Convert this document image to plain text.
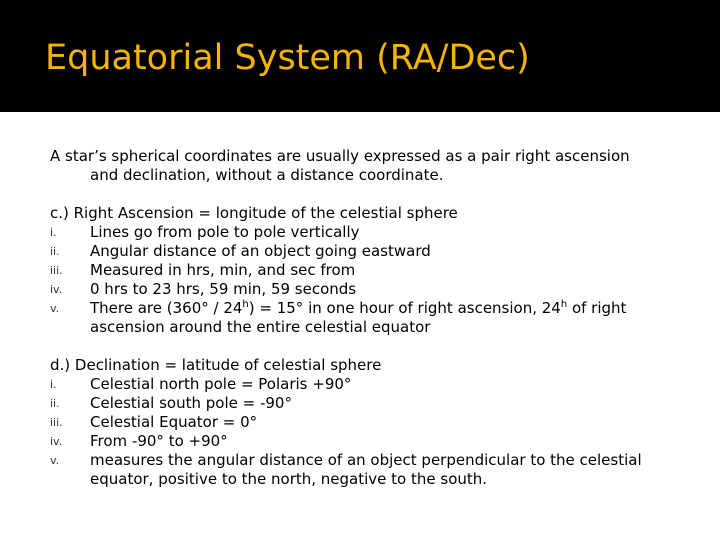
Equatorial System (RA/Dec)

A star’s spherical coordinates are usually expressed as a pair right ascension
and declination, without a distance coordinate.

c.) Right Ascension = longitude of the celestial sphere

i. Lines go from pole to pole vertically
ii. Angular distance of an object going eastward
iii. Measured in hrs, min, and sec from
iv. 0 hrs to 23 hrs, 59 min, 59 seconds
v. There are $(360^\circ / 24^h) = 15^\circ$ in one hour of right ascension, 24$^h$ of right ascension around the entire celestial equator

d.) Declination = latitude of celestial sphere

i. Celestial north pole = Polaris +90°
ii. Celestial south pole = -90°
iii. Celestial Equator = 0°
iv. From -90° to +90°
v. measures the angular distance of an object perpendicular to the celestial equator, positive to the north, negative to the south.
